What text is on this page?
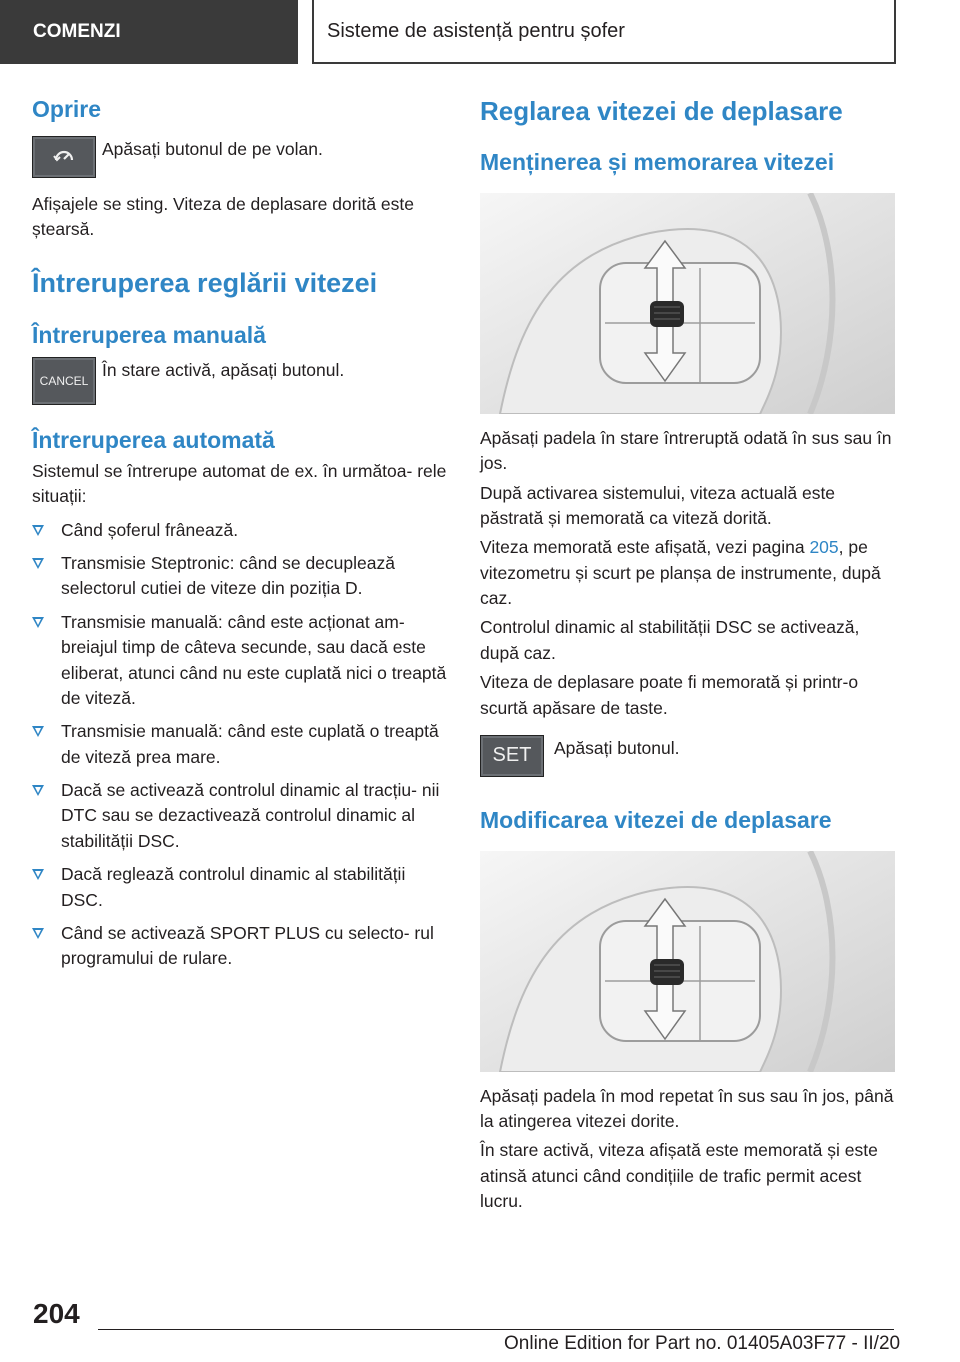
COMENZI	Sisteme de asistență pentru șofer
Oprire
Apăsați butonul de pe volan.

Afișajele se sting. Viteza de deplasare dorită este ștearsă.

Întreruperea reglării vitezei
Întreruperea manuală
CANCEL
În stare activă, apăsați butonul.
Întreruperea automată

Sistemul se întrerupe automat de ex. în următoa‐ rele situații:

Când șoferul frânează.
Transmisie Steptronic: când se decuplează selectorul cutiei de viteze din poziția D.
Transmisie manuală: când este acționat am‐ breiajul timp de câteva secunde, sau dacă este eliberat, atunci când nu este cuplată nici o treaptă de viteză.
Transmisie manuală: când este cuplată o treaptă de viteză prea mare.
Dacă se activează controlul dinamic al tracțiu‐ nii DTC sau se dezactivează controlul dinamic al stabilității DSC.
Dacă reglează controlul dinamic al stabilității DSC.
Când se activează SPORT PLUS cu selecto‐ rul programului de rulare.
Reglarea vitezei de deplasare
Menținerea și memorarea vitezei

Apăsați padela în stare întreruptă odată în sus sau în jos.

După activarea sistemului, viteza actuală este păstrată și memorată ca viteză dorită.

Viteza memorată este afișată, vezi pagina 205, pe vitezometru și scurt pe planșa de instrumente, după caz.

Controlul dinamic al stabilității DSC se activează, după caz.

Viteza de deplasare poate fi memorată și printr-o scurtă apăsare de taste.

SET Apăsați butonul.
Modificarea vitezei de deplasare

Apăsați padela în mod repetat în sus sau în jos, până la atingerea vitezei dorite.

În stare activă, viteza afișată este memorată și este atinsă atunci când condițiile de trafic permit acest lucru.

204
Online Edition for Part no. 01405A03F77 - II/20
